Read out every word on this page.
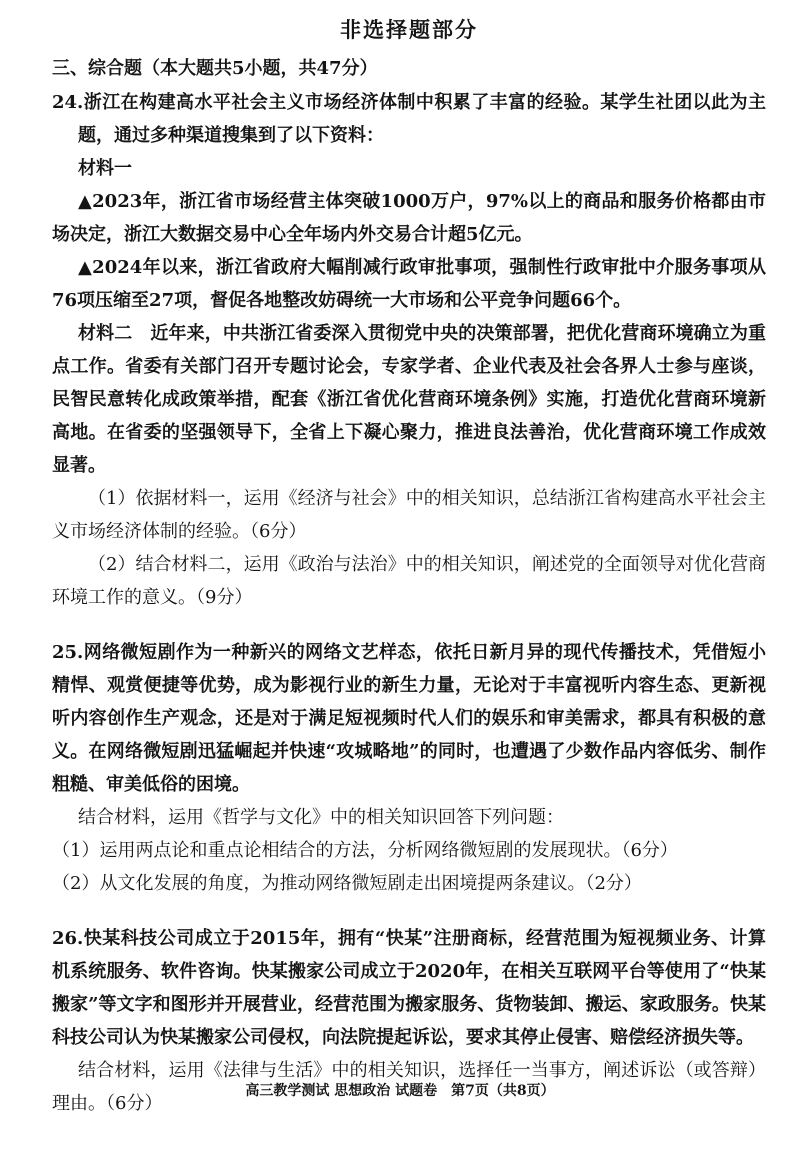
非选择题部分
三、综合题（本大题共5小题，共47分）

24.浙江在构建高水平社会主义市场经济体制中积累了丰富的经验。某学生社团以此为主题，通过多种渠道搜集到了以下资料：

材料一

▲2023年，浙江省市场经营主体突破1000万户，97%以上的商品和服务价格都由市场决定，浙江大数据交易中心全年场内外交易合计超5亿元。

▲2024年以来，浙江省政府大幅削减行政审批事项，强制性行政审批中介服务事项从76项压缩至27项，督促各地整改妨碍统一大市场和公平竞争问题66个。

材料二　近年来，中共浙江省委深入贯彻党中央的决策部署，把优化营商环境确立为重点工作。省委有关部门召开专题讨论会，专家学者、企业代表及社会各界人士参与座谈，民智民意转化成政策举措，配套《浙江省优化营商环境条例》实施，打造优化营商环境新高地。在省委的坚强领导下，全省上下凝心聚力，推进良法善治，优化营商环境工作成效显著。

（1）依据材料一，运用《经济与社会》中的相关知识，总结浙江省构建高水平社会主义市场经济体制的经验。（6分）

（2）结合材料二，运用《政治与法治》中的相关知识，阐述党的全面领导对优化营商环境工作的意义。（9分）

25.网络微短剧作为一种新兴的网络文艺样态，依托日新月异的现代传播技术，凭借短小精悍、观赏便捷等优势，成为影视行业的新生力量，无论对于丰富视听内容生态、更新视听内容创作生产观念，还是对于满足短视频时代人们的娱乐和审美需求，都具有积极的意义。在网络微短剧迅猛崛起并快速“攻城略地”的同时，也遭遇了少数作品内容低劣、制作粗糙、审美低俗的困境。

结合材料，运用《哲学与文化》中的相关知识回答下列问题：

（1）运用两点论和重点论相结合的方法，分析网络微短剧的发展现状。（6分）

（2）从文化发展的角度，为推动网络微短剧走出困境提两条建议。（2分）

26.快某科技公司成立于2015年，拥有“快某”注册商标，经营范围为短视频业务、计算机系统服务、软件咨询。快某搬家公司成立于2020年，在相关互联网平台等使用了“快某搬家”等文字和图形并开展营业，经营范围为搬家服务、货物装卸、搬运、家政服务。快某科技公司认为快某搬家公司侵权，向法院提起诉讼，要求其停止侵害、赔偿经济损失等。

结合材料，运用《法律与生活》中的相关知识，选择任一当事方，阐述诉讼（或答辩）理由。（6分）

高三教学测试 思想政治 试题卷　第7页（共8页）
